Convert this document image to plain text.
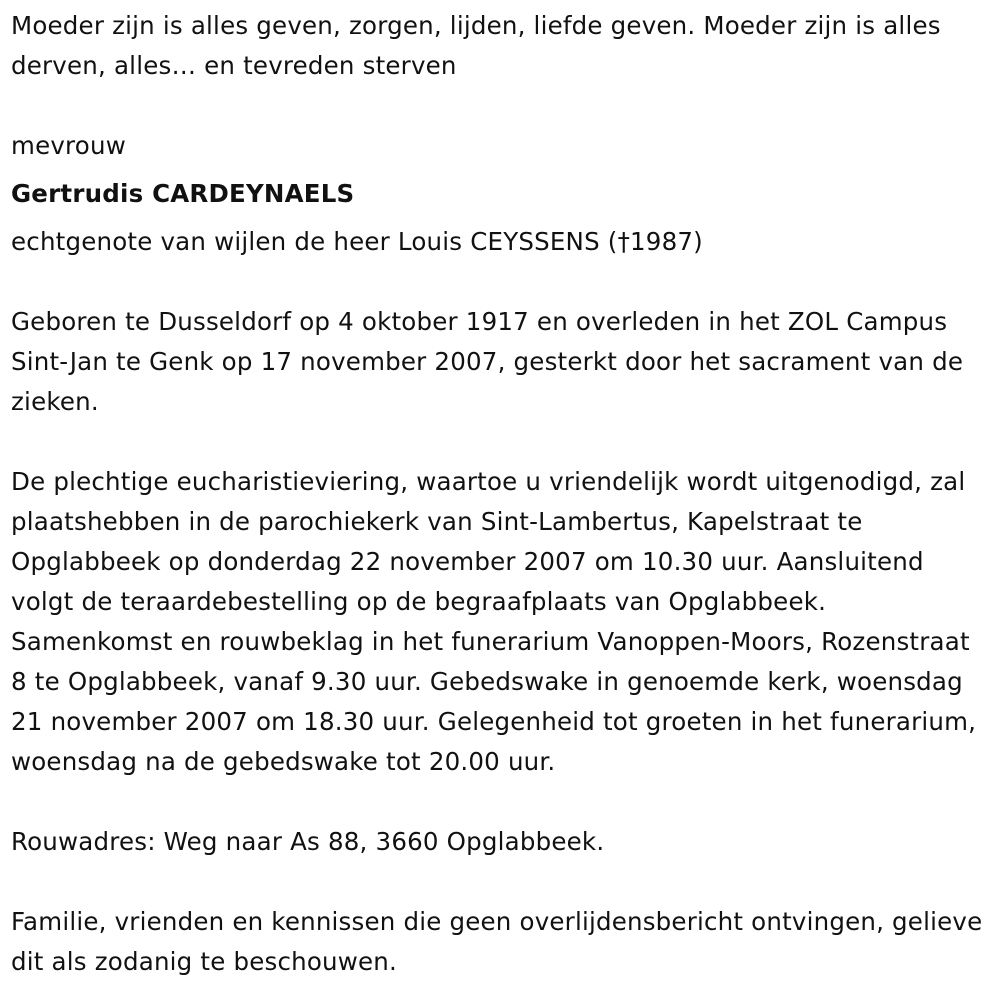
Moeder zijn is alles geven, zorgen, lijden, liefde geven. Moeder zijn is alles derven, alles… en tevreden sterven

mevrouw

Gertrudis CARDEYNAELS

echtgenote van wijlen de heer Louis CEYSSENS (†1987)

Geboren te Dusseldorf op 4 oktober 1917 en overleden in het ZOL Campus Sint-Jan te Genk op 17 november 2007, gesterkt door het sacrament van de zieken.

De plechtige eucharistieviering, waartoe u vriendelijk wordt uitgenodigd, zal plaatshebben in de parochiekerk van Sint-Lambertus, Kapelstraat te Opglabbeek op donderdag 22 november 2007 om 10.30 uur. Aansluitend volgt de teraardebestelling op de begraafplaats van Opglabbeek. Samenkomst en rouwbeklag in het funerarium Vanoppen-Moors, Rozenstraat 8 te Opglabbeek, vanaf 9.30 uur. Gebedswake in genoemde kerk, woensdag 21 november 2007 om 18.30 uur. Gelegenheid tot groeten in het funerarium, woensdag na de gebedswake tot 20.00 uur.

Rouwadres: Weg naar As 88, 3660 Opglabbeek.

Familie, vrienden en kennissen die geen overlijdensbericht ontvingen, gelieve dit als zodanig te beschouwen.
